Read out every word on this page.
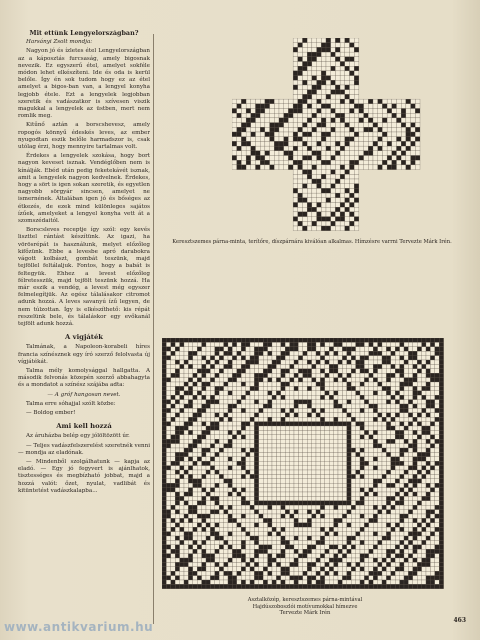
Mit ettünk Lengyelországban?

Harsányi Zsolt mondja:

Nagyon jó és ízletes étel Lengyelországban az a káposztás furcsaság, amely bigosnak nevezik. Ez egyszerű étel, amelyet sokféle módon lehet elkészíteni. Ide és oda is kerül belőle. Így én sok tudom hogy ez az étel amelyet a bigos-ban van, a lengyel konyha legjobb étele. Ezt a lengyelek legjobban szeretik és vadászatkor is szívesen viszik magukkal a lengyelek az üstben, mert nem romlik meg.

Kitűnő aztán a borscshevesz, amely ropogós könnyű édeskés leves, az ember nyugodtan eszik belőle harmadszor is, csak utólag érzi, hogy mennyire tartalmas volt.

Érdekes a lengyelek szokása, hogy bort nagyon keveset isznak. Vendéglőben nem is kínálják. Ebéd után pedig feketekávét isznak, amit a lengyelek nagyon kedvelnek. Érdekes, hogy a sört is igen sokan szeretik, és egyetlen nagyobb sörgyár sincsen, amelyet ne ismernének. Általában igen jó és bőséges az étkezés, de ezek mind különleges sajátos ízűek, amelyeket a lengyel konyha vett át a szomszédaitól.

Borscsleves receptje így szól: egy kevés liszttel rántást készítünk. Az igazi, ha vörösrépát is használunk, melyet előzőleg kifőzünk. Ebbe a levesbe apró darabokra vágott kolbászt, gombát teszünk, majd tejföllel feltálaljuk. Fontos, hogy a babát is feltegyük. Ehhez a levest előzőleg félretesszük, majd tejfölt teszünk hozzá. Ha már eszik a vendég, a levest még egyszer felmelegítjük. Az egész tálalásakor citromot adunk hozzá. A leves savanyú ízű legyen, de nem túlzottan. Így is elkészíthető: kis répát reszelünk bele, és tálaláskor egy evőkanál tejfölt adunk hozzá.

A vigjáték

Talmának, a Napoleon-korabeli híres francia színésznek egy író szerző felolvasta új vígjátékát.

Talma mély komolysággal hallgatta. A második felvonás közepén szerző abbahagyta és a mondatot a színész szájába adta:

— A gróf hangosan nevet.

Talma erre sóhajjal szólt közbe:

— Boldog ember!

Ami kell hozzá

Az áruházba belép egy jólöltözött úr.

— Teljes vadászfelszerelést szeretnék venni — mondja az eladónak.

— Mindenből szolgálhatunk — kapja az eladó. — Egy jó fegyvert is ajánlhatok, tisztességes és megbízható jobbat, majd a hozzá valót: őzet, nyulat, vadlibát és kitüntetést vadászkalapba...

Keresztszemes párna-minta, terítőre, díszpárnára kiválóan alkalmas. Hímzésre varrni Tervezte Márk Irén.
Asztalközép, keresztszemes párna-mintával
Hajdúszoboszlói motívumokkal hímezve
Tervezte Márk Irén
463
www.antikvarium.hu
